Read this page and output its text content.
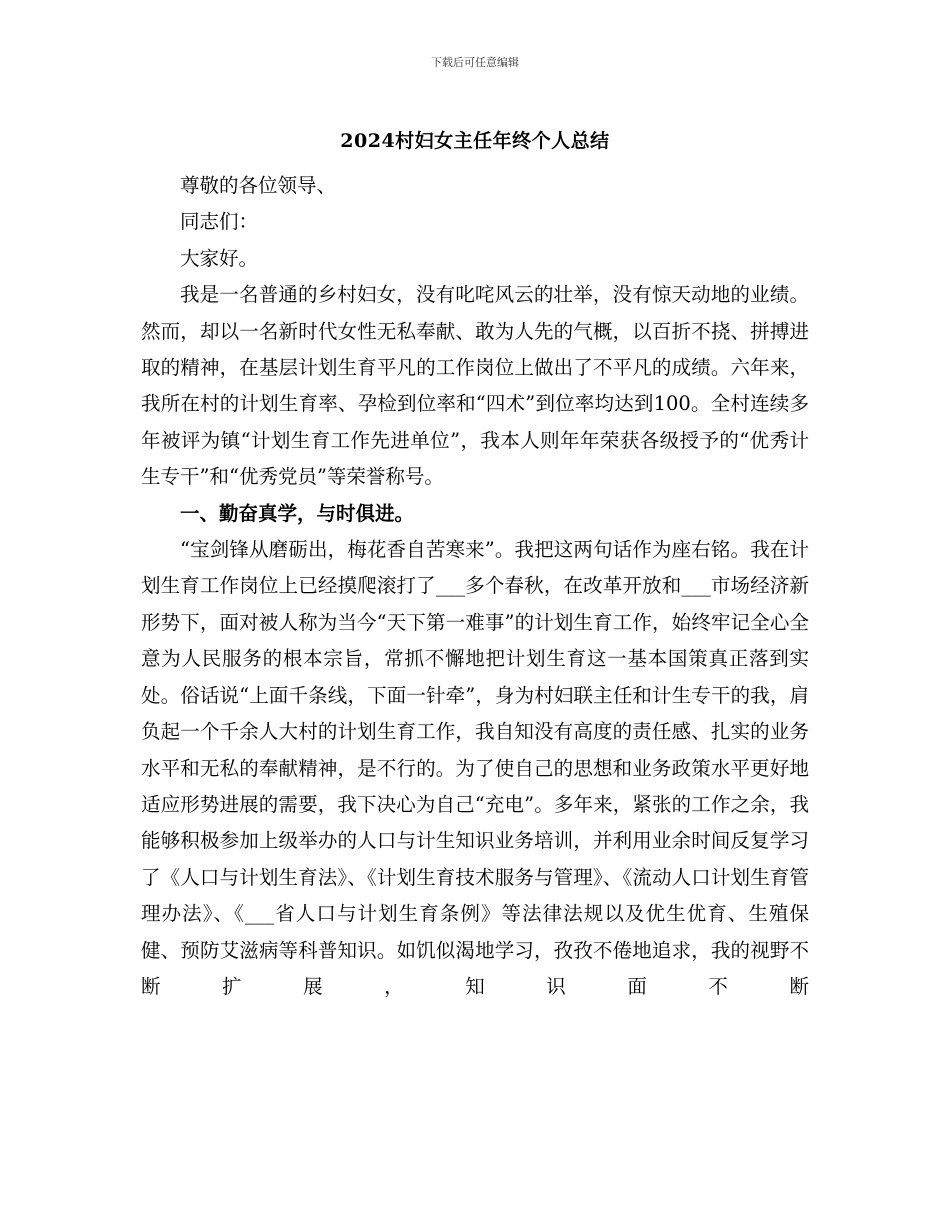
下载后可任意编辑
2024村妇女主任年终个人总结

尊敬的各位领导、

同志们：

大家好。

我是一名普通的乡村妇女，没有叱咤风云的壮举，没有惊天动地的业绩。然而，却以一名新时代女性无私奉献、敢为人先的气概，以百折不挠、拼搏进取的精神，在基层计划生育平凡的工作岗位上做出了不平凡的成绩。六年来，我所在村的计划生育率、孕检到位率和“四术”到位率均达到100。全村连续多年被评为镇“计划生育工作先进单位”，我本人则年年荣获各级授予的“优秀计生专干”和“优秀党员”等荣誉称号。

一、勤奋真学，与时俱进。

“宝剑锋从磨砺出，梅花香自苦寒来”。我把这两句话作为座右铭。我在计划生育工作岗位上已经摸爬滚打了___多个春秋，在改革开放和___市场经济新形势下，面对被人称为当今“天下第一难事”的计划生育工作，始终牢记全心全意为人民服务的根本宗旨，常抓不懈地把计划生育这一基本国策真正落到实处。俗话说“上面千条线，下面一针牵”，身为村妇联主任和计生专干的我，肩负起一个千余人大村的计划生育工作，我自知没有高度的责任感、扎实的业务水平和无私的奉献精神，是不行的。为了使自己的思想和业务政策水平更好地适应形势进展的需要，我下决心为自己“充电”。多年来，紧张的工作之余，我能够积极参加上级举办的人口与计生知识业务培训，并利用业余时间反复学习了《人口与计划生育法》、《计划生育技术服务与管理》、《流动人口计划生育管理办法》、《___省人口与计划生育条例》等法律法规以及优生优育、生殖保健、预防艾滋病等科普知识。如饥似渴地学习，孜孜不倦地追求，我的视野不断扩展，知识面不断
